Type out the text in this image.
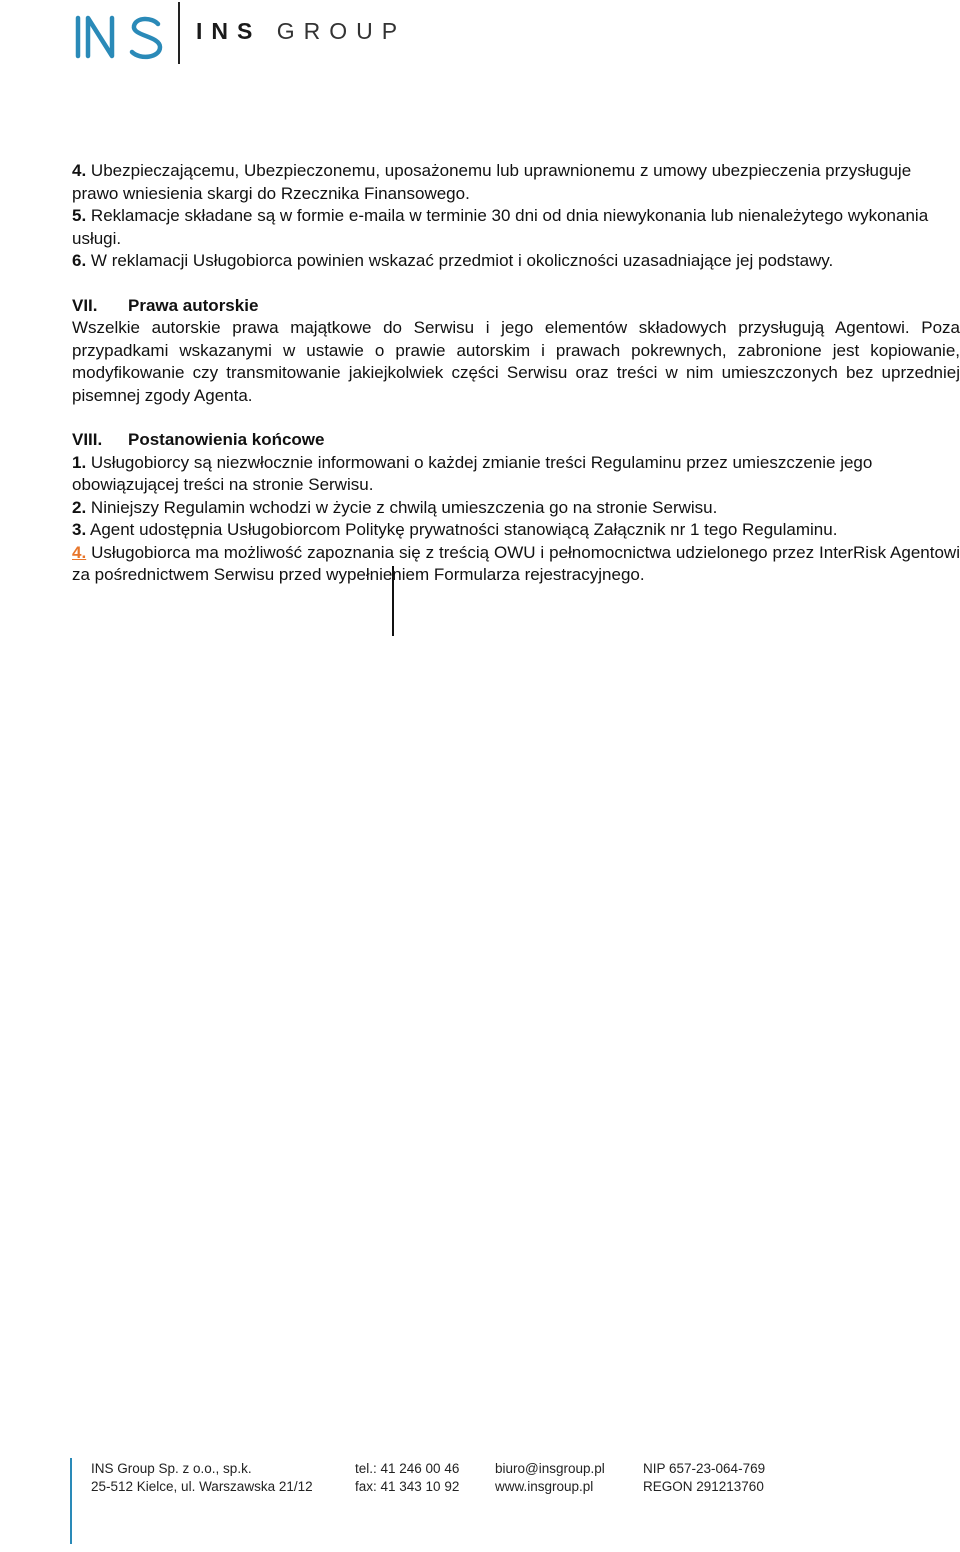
INS GROUP
4. Ubezpieczającemu, Ubezpieczonemu, uposażonemu lub uprawnionemu z umowy ubezpieczenia przysługuje prawo wniesienia skargi do Rzecznika Finansowego.
5. Reklamacje składane są w formie e-maila w terminie 30 dni od dnia niewykonania lub nienależytego wykonania usługi.
6. W reklamacji Usługobiorca powinien wskazać przedmiot i okoliczności uzasadniające jej podstawy.
VII. Prawa autorskie
Wszelkie autorskie prawa majątkowe do Serwisu i jego elementów składowych przysługują Agentowi. Poza przypadkami wskazanymi w ustawie o prawie autorskim i prawach pokrewnych, zabronione jest kopiowanie, modyfikowanie czy transmitowanie jakiejkolwiek części Serwisu oraz treści w nim umieszczonych bez uprzedniej pisemnej zgody Agenta.
VIII. Postanowienia końcowe
1. Usługobiorcy są niezwłocznie informowani o każdej zmianie treści Regulaminu przez umieszczenie jego obowiązującej treści na stronie Serwisu.
2. Niniejszy Regulamin wchodzi w życie z chwilą umieszczenia go na stronie Serwisu.
3. Agent udostępnia Usługobiorcom Politykę prywatności stanowiącą Załącznik nr 1 tego Regulaminu.
4. Usługobiorca ma możliwość zapoznania się z treścią OWU i pełnomocnictwa udzielonego przez InterRisk Agentowi za pośrednictwem Serwisu przed wypełnieniem Formularza rejestracyjnego.
INS Group Sp. z o.o., sp.k.
25-512 Kielce, ul. Warszawska 21/12
tel.: 41 246 00 46
fax: 41 343 10 92
biuro@insgroup.pl
www.insgroup.pl
NIP 657-23-064-769
REGON 291213760
